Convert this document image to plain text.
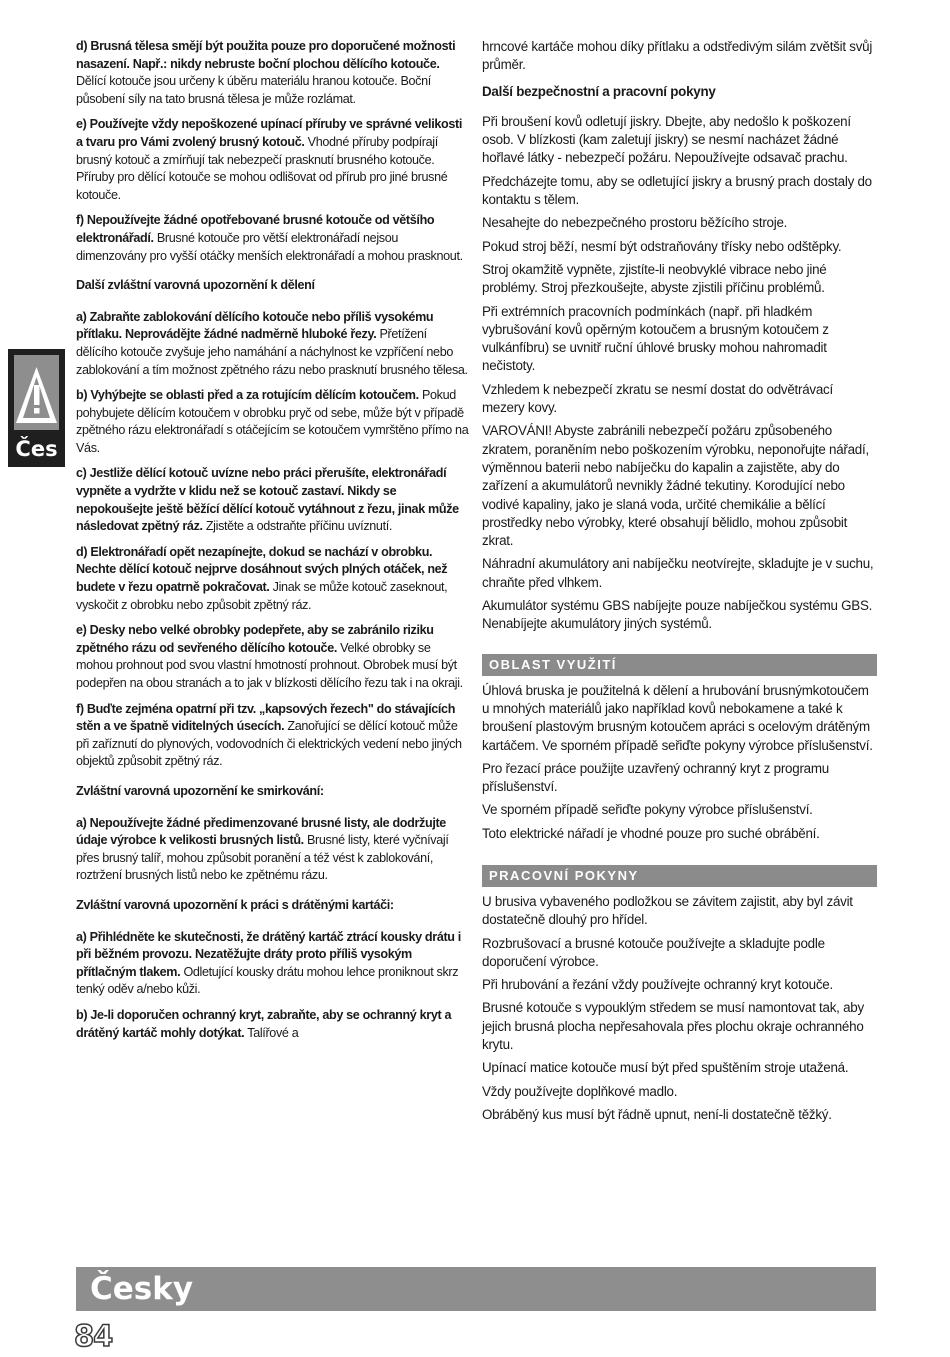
Čes

d) Brusná tělesa smějí být použita pouze pro doporučené možnosti nasazení. Např.: nikdy nebruste boční plochou dělícího kotouče. Dělící kotouče jsou určeny k úběru materiálu hranou kotouče. Boční působení síly na tato brusná tělesa je může rozlámat.

e) Používejte vždy nepoškozené upínací příruby ve správné velikosti a tvaru pro Vámi zvolený brusný kotouč. Vhodné příruby podpírají brusný kotouč a zmírňují tak nebezpečí prasknutí brusného kotouče. Příruby pro dělící kotouče se mohou odlišovat od přírub pro jiné brusné kotouče.

f) Nepoužívejte žádné opotřebované brusné kotouče od většího elektronářadí. Brusné kotouče pro větší elektronářadí nejsou dimenzovány pro vyšší otáčky menších elektronářadí a mohou prasknout.

Další zvláštní varovná upozornění k dělení

a) Zabraňte zablokování dělícího kotouče nebo příliš vysokému přítlaku. Neprovádějte žádné nadměrně hluboké řezy. Přetížení dělícího kotouče zvyšuje jeho namáhání a náchylnost ke vzpříčení nebo zablokování a tím možnost zpětného rázu nebo prasknutí brusného tělesa.

b) Vyhýbejte se oblasti před a za rotujícím dělícím kotoučem. Pokud pohybujete dělícím kotoučem v obrobku pryč od sebe, může být v případě zpětného rázu elektronářadí s otáčejícím se kotoučem vymrštěno přímo na Vás.

c) Jestliže dělící kotouč uvízne nebo práci přerušíte, elektronářadí vypněte a vydržte v klidu než se kotouč zastaví. Nikdy se nepokoušejte ještě běžící dělící kotouč vytáhnout z řezu, jinak může následovat zpětný ráz. Zjistěte a odstraňte příčinu uvíznutí.

d) Elektronářadí opět nezapínejte, dokud se nachází v obrobku. Nechte dělící kotouč nejprve dosáhnout svých plných otáček, než budete v řezu opatrně pokračovat. Jinak se může kotouč zaseknout, vyskočit z obrobku nebo způsobit zpětný ráz.

e) Desky nebo velké obrobky podepřete, aby se zabránilo riziku zpětného rázu od sevřeného dělícího kotouče. Velké obrobky se mohou prohnout pod svou vlastní hmotností prohnout. Obrobek musí být podepřen na obou stranách a to jak v blízkosti dělícího řezu tak i na okraji.

f) Buďte zejména opatrní při tzv. „kapsových řezech" do stávajících stěn a ve špatně viditelných úsecích. Zanořující se dělící kotouč může při zaříznutí do plynových, vodovodních či elektrických vedení nebo jiných objektů způsobit zpětný ráz.

Zvláštní varovná upozornění ke smirkování:

a) Nepoužívejte žádné předimenzované brusné listy, ale dodržujte údaje výrobce k velikosti brusných listů. Brusné listy, které vyčnívají přes brusný talíř, mohou způsobit poranění a též vést k zablokování, roztržení brusných listů nebo ke zpětnému rázu.

Zvláštní varovná upozornění k práci s drátěnými kartáči:

a) Přihlédněte ke skutečnosti, že drátěný kartáč ztrácí kousky drátu i při běžném provozu. Nezatěžujte dráty proto příliš vysokým přítlačným tlakem. Odletující kousky drátu mohou lehce proniknout skrz tenký oděv a/nebo kůži.

b) Je-li doporučen ochranný kryt, zabraňte, aby se ochranný kryt a drátěný kartáč mohly dotýkat. Talířové a

hrncové kartáče mohou díky přítlaku a odstředivým silám zvětšit svůj průměr.

Další bezpečnostní a pracovní pokyny

Při broušení kovů odletují jiskry. Dbejte, aby nedošlo k poškození osob. V blízkosti (kam zaletují jiskry) se nesmí nacházet žádné hořlavé látky - nebezpečí požáru. Nepoužívejte odsavač prachu.

Předcházejte tomu, aby se odletující jiskry a brusný prach dostaly do kontaktu s tělem.

Nesahejte do nebezpečného prostoru běžícího stroje.

Pokud stroj běží, nesmí být odstraňovány třísky nebo odštěpky.

Stroj okamžitě vypněte, zjistíte-li neobvyklé vibrace nebo jiné problémy. Stroj přezkoušejte, abyste zjistili příčinu problémů.

Při extrémních pracovních podmínkách (např. při hladkém vybrušování kovů opěrným kotoučem a brusným kotoučem z vulkánfíbru) se uvnitř ruční úhlové brusky mohou nahromadit nečistoty.

Vzhledem k nebezpečí zkratu se nesmí dostat do odvětrávací mezery kovy.

VAROVÁNI! Abyste zabránili nebezpečí požáru způsobeného zkratem, poraněním nebo poškozením výrobku, neponořujte nářadí, výměnnou baterii nebo nabíječku do kapalin a zajistěte, aby do zařízení a akumulátorů nevnikly žádné tekutiny. Korodující nebo vodivé kapaliny, jako je slaná voda, určité chemikálie a bělící prostředky nebo výrobky, které obsahují bělidlo, mohou způsobit zkrat.

Náhradní akumulátory ani nabíječku neotvírejte, skladujte je v suchu, chraňte před vlhkem.

Akumulátor systému GBS nabíjejte pouze nabíječkou systému GBS. Nenabíjejte akumulátory jiných systémů.

OBLAST VYUŽITÍ

Úhlová bruska je použitelná k dělení a hrubování brusnýmkotoučem u mnohých materiálů jako například kovů nebokamene a také k broušení plastovým brusným kotoučem apráci s ocelovým drátěným kartáčem. Ve sporném případě seřiďte pokyny výrobce příslušenství.

Pro řezací práce použijte uzavřený ochranný kryt z programu příslušenství.

Ve sporném případě seřiďte pokyny výrobce příslušenství.

Toto elektrické nářadí je vhodné pouze pro suché obrábění.

PRACOVNÍ POKYNY

U brusiva vybaveného podložkou se závitem zajistit, aby byl závit dostatečně dlouhý pro hřídel.

Rozbrušovací a brusné kotouče používejte a skladujte podle doporučení výrobce.

Při hrubování a řezání vždy používejte ochranný kryt kotouče.

Brusné kotouče s vypouklým středem se musí namontovat tak, aby jejich brusná plocha nepřesahovala přes plochu okraje ochranného krytu.

Upínací matice kotouče musí být před spuštěním stroje utažená.

Vždy používejte doplňkové madlo.

Obráběný kus musí být řádně upnut, není-li dostatečně těžký.

Česky
84
